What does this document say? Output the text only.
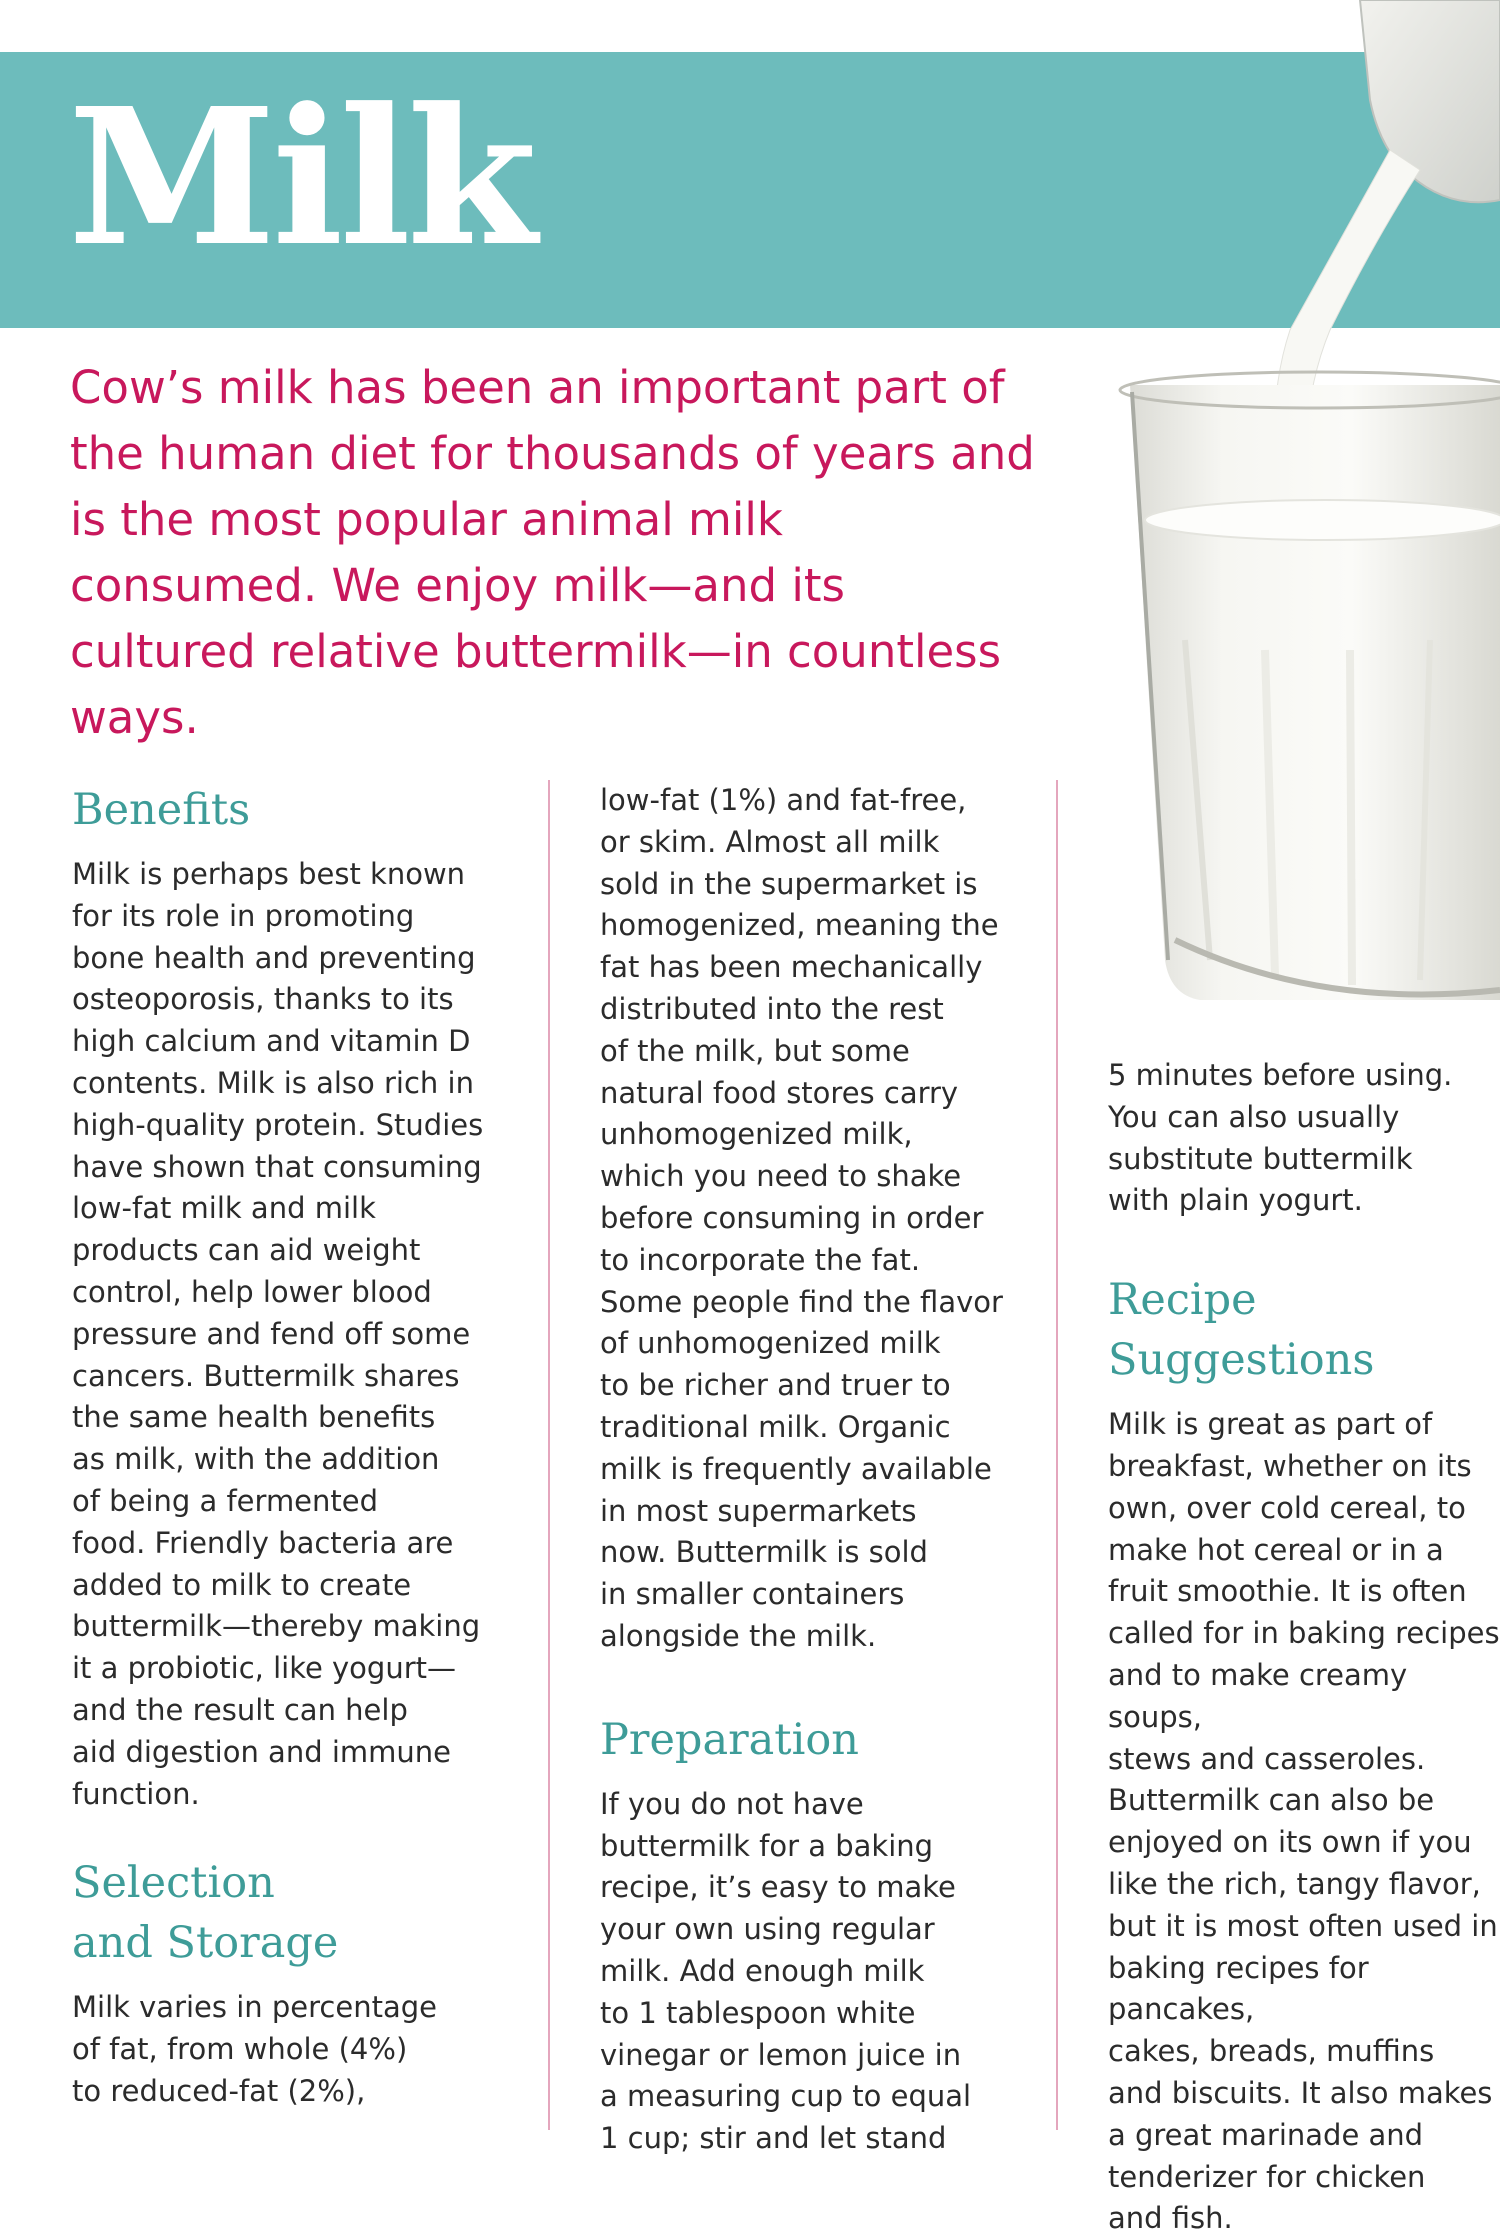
Milk

Cow’s milk has been an important part of the human diet for thousands of years and is the most popular animal milk consumed. We enjoy milk—and its cultured relative buttermilk—in countless ways.

Benefits

Milk is perhaps best known
for its role in promoting
bone health and preventing
osteoporosis, thanks to its
high calcium and vitamin D
contents. Milk is also rich in
high-quality protein. Studies
have shown that consuming
low-fat milk and milk
products can aid weight
control, help lower blood
pressure and fend off some
cancers. Buttermilk shares
the same health benefits
as milk, with the addition
of being a fermented
food. Friendly bacteria are
added to milk to create
buttermilk—thereby making
it a probiotic, like yogurt—
and the result can help
aid digestion and immune
function.

Selection
and Storage

Milk varies in percentage
of fat, from whole (4%)
to reduced-fat (2%),

low-fat (1%) and fat-free,
or skim. Almost all milk
sold in the supermarket is
homogenized, meaning the
fat has been mechanically
distributed into the rest
of the milk, but some
natural food stores carry
unhomogenized milk,
which you need to shake
before consuming in order
to incorporate the fat.
Some people find the flavor
of unhomogenized milk
to be richer and truer to
traditional milk. Organic
milk is frequently available
in most supermarkets
now. Buttermilk is sold
in smaller containers
alongside the milk.

Preparation

If you do not have
buttermilk for a baking
recipe, it’s easy to make
your own using regular
milk. Add enough milk
to 1 tablespoon white
vinegar or lemon juice in
a measuring cup to equal
1 cup; stir and let stand

5 minutes before using.
You can also usually
substitute buttermilk
with plain yogurt.

Recipe
Suggestions

Milk is great as part of
breakfast, whether on its
own, over cold cereal, to
make hot cereal or in a
fruit smoothie. It is often
called for in baking recipes
and to make creamy soups,
stews and casseroles.
Buttermilk can also be
enjoyed on its own if you
like the rich, tangy flavor,
but it is most often used in
baking recipes for pancakes,
cakes, breads, muffins
and biscuits. It also makes
a great marinade and
tenderizer for chicken
and fish.
